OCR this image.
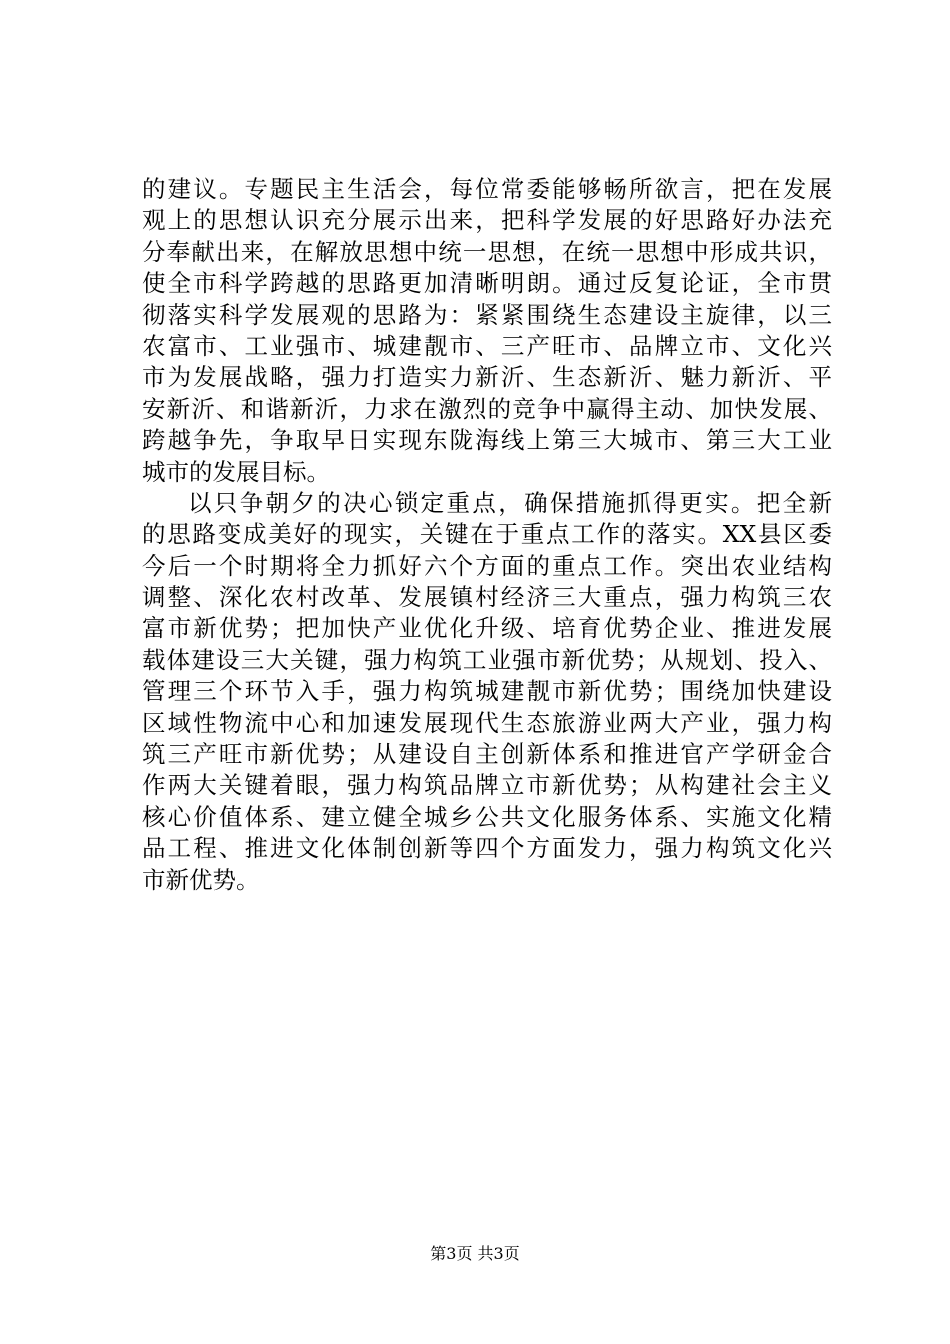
的建议。专题民主生活会，每位常委能够畅所欲言，把在发展
观上的思想认识充分展示出来，把科学发展的好思路好办法充
分奉献出来，在解放思想中统一思想，在统一思想中形成共识，
使全市科学跨越的思路更加清晰明朗。通过反复论证，全市贯
彻落实科学发展观的思路为：紧紧围绕生态建设主旋律，以三
农富市、工业强市、城建靓市、三产旺市、品牌立市、文化兴
市为发展战略，强力打造实力新沂、生态新沂、魅力新沂、平
安新沂、和谐新沂，力求在激烈的竞争中赢得主动、加快发展、
跨越争先，争取早日实现东陇海线上第三大城市、第三大工业
城市的发展目标。
以只争朝夕的决心锁定重点，确保措施抓得更实。把全新
的思路变成美好的现实，关键在于重点工作的落实。XX县区委
今后一个时期将全力抓好六个方面的重点工作。突出农业结构
调整、深化农村改革、发展镇村经济三大重点，强力构筑三农
富市新优势；把加快产业优化升级、培育优势企业、推进发展
载体建设三大关键，强力构筑工业强市新优势；从规划、投入、
管理三个环节入手，强力构筑城建靓市新优势；围绕加快建设
区域性物流中心和加速发展现代生态旅游业两大产业，强力构
筑三产旺市新优势；从建设自主创新体系和推进官产学研金合
作两大关键着眼，强力构筑品牌立市新优势；从构建社会主义
核心价值体系、建立健全城乡公共文化服务体系、实施文化精
品工程、推进文化体制创新等四个方面发力，强力构筑文化兴
市新优势。
第3页 共3页
